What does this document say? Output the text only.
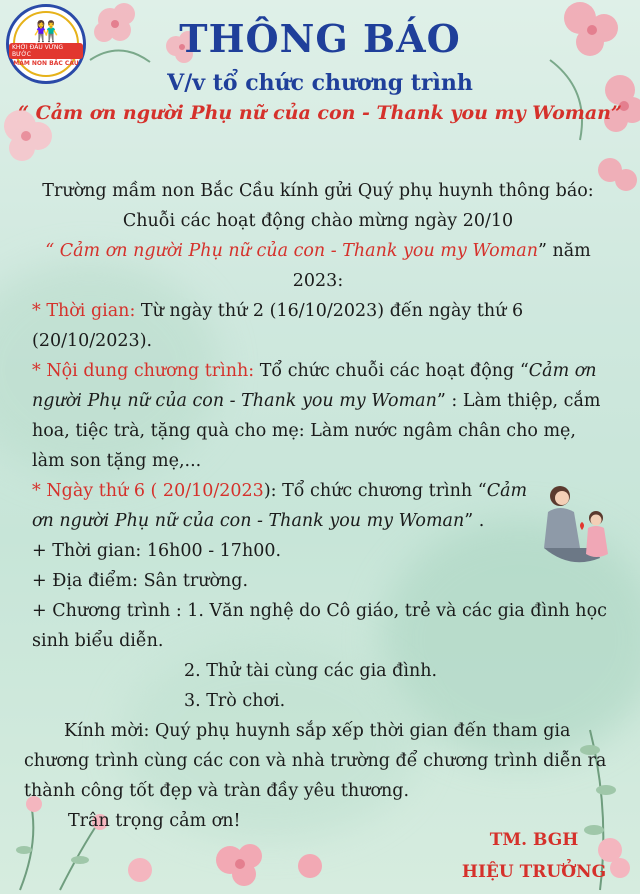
👫
KHỞI ĐẦU VỮNG BƯỚC
MẦM NON BẮC CẦU
THÔNG BÁO
V/v tổ chức chương trình
“ Cảm ơn người Phụ nữ của con - Thank you my Woman”

Trường mầm non Bắc Cầu kính gửi Quý phụ huynh thông báo:

Chuỗi các hoạt động chào mừng ngày 20/10

“ Cảm ơn người Phụ nữ của con - Thank you my Woman” năm 2023:

* Thời gian: Từ ngày thứ 2 (16/10/2023) đến ngày thứ 6 (20/10/2023).

* Nội dung chương trình: Tổ chức chuỗi các hoạt động “Cảm ơn người Phụ nữ của con - Thank you my Woman” : Làm thiệp, cắm hoa, tiệc trà, tặng quà cho mẹ: Làm nước ngâm chân cho mẹ, làm son tặng mẹ,...

* Ngày thứ 6 ( 20/10/2023): Tổ chức chương trình “Cảm ơn người Phụ nữ của con - Thank you my Woman” .

+ Thời gian: 16h00 - 17h00.

+ Địa điểm: Sân trường.

+ Chương trình : 1. Văn nghệ do Cô giáo, trẻ và các gia đình học sinh biểu diễn.

2. Thử tài cùng các gia đình.

3. Trò chơi.

Kính mời: Quý phụ huynh sắp xếp thời gian đến tham gia chương trình cùng các con và nhà trường để chương trình diễn ra thành công tốt đẹp và tràn đầy yêu thương.

Trân trọng cảm ơn!

TM. BGH
HIỆU TRƯỞNG
